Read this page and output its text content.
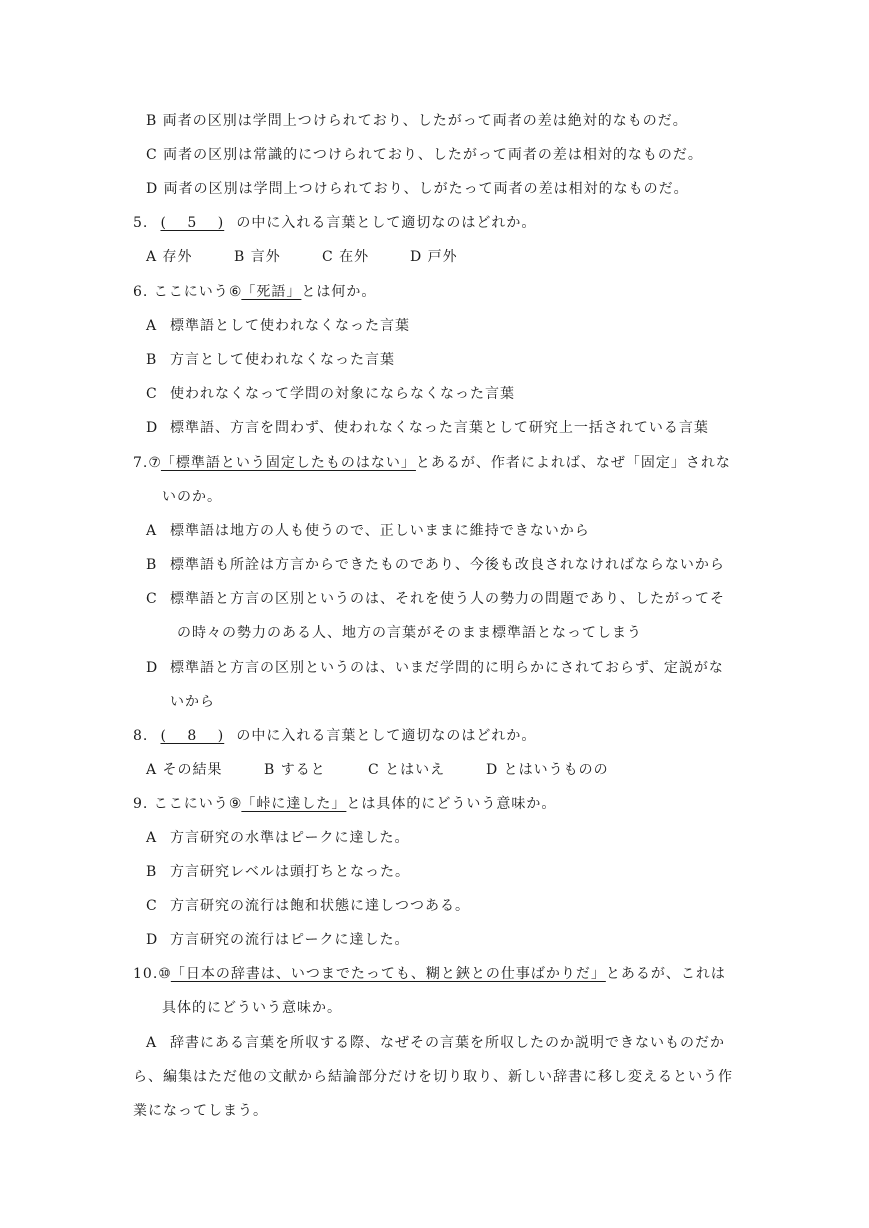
B 両者の区別は学問上つけられており、したがって両者の差は絶対的なものだ。
C 両者の区別は常識的につけられており、したがって両者の差は相対的なものだ。
D 両者の区別は学問上つけられており、しがたって両者の差は相対的なものだ。
5. (　 5 　) の中に入れる言葉として適切なのはどれか。
A 存外	B 言外	C 在外	D 戸外
6. ここにいう⑥「死語」とは何か。
A 標準語として使われなくなった言葉
B 方言として使われなくなった言葉
C 使われなくなって学問の対象にならなくなった言葉
D 標準語、方言を問わず、使われなくなった言葉として研究上一括されている言葉
7.⑦「標準語という固定したものはない」とあるが、作者によれば、なぜ「固定」されな
いのか。
A 標準語は地方の人も使うので、正しいままに維持できないから
B 標準語も所詮は方言からできたものであり、今後も改良されなければならないから
C 標準語と方言の区別というのは、それを使う人の勢力の問題であり、したがってそ
の時々の勢力のある人、地方の言葉がそのまま標準語となってしまう
D 標準語と方言の区別というのは、いまだ学問的に明らかにされておらず、定説がな
いから
8. (　 8 　) の中に入れる言葉として適切なのはどれか。
A その結果	B すると	C とはいえ	D とはいうものの
9. ここにいう⑨「峠に達した」とは具体的にどういう意味か。
A 方言研究の水準はピークに達した。
B 方言研究レベルは頭打ちとなった。
C 方言研究の流行は飽和状態に達しつつある。
D 方言研究の流行はピークに達した。
10.⑩「日本の辞書は、いつまでたっても、糊と鋏との仕事ばかりだ」とあるが、これは
具体的にどういう意味か。
A 辞書にある言葉を所収する際、なぜその言葉を所収したのか説明できないものだか
ら、編集はただ他の文献から結論部分だけを切り取り、新しい辞書に移し変えるという作
業になってしまう。
